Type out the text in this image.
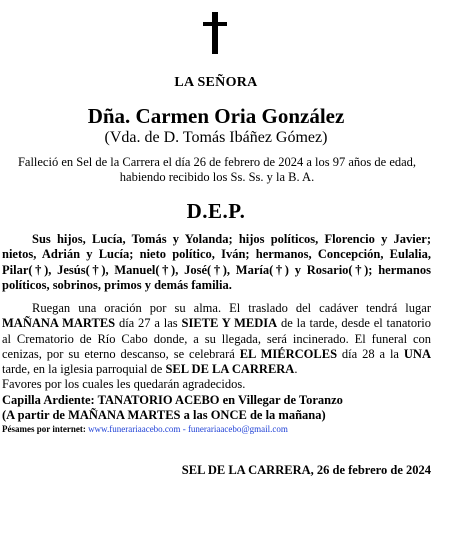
LA SEÑORA
Dña. Carmen Oria González
(Vda. de D. Tomás Ibáñez Gómez)
Falleció en Sel de la Carrera el día 26 de febrero de 2024 a los 97 años de edad,
habiendo recibido los Ss. Ss. y la B. A.
D.E.P.
Sus hijos, Lucía, Tomás y Yolanda; hijos políticos, Florencio y Javier; nietos, Adrián y Lucía; nieto político, Iván; hermanos, Concepción, Eulalia, Pilar(†), Jesús(†), Manuel(†), José(†), María(†) y Rosario(†); hermanos políticos, sobrinos, primos y demás familia.
Ruegan una oración por su alma. El traslado del cadáver tendrá lugar MAÑANA MARTES día 27 a las SIETE Y MEDIA de la tarde, desde el tanatorio al Crematorio de Río Cabo donde, a su llegada, será incinerado. El funeral con cenizas, por su eterno descanso, se celebrará EL MIÉRCOLES día 28 a la UNA tarde, en la iglesia parroquial de SEL DE LA CARRERA.
Favores por los cuales les quedarán agradecidos.
Capilla Ardiente: TANATORIO ACEBO en Villegar de Toranzo
(A partir de MAÑANA MARTES a las ONCE de la mañana)
Pésames por internet: www.funerariaacebo.com - funerariaacebo@gmail.com
SEL DE LA CARRERA, 26 de febrero de 2024
